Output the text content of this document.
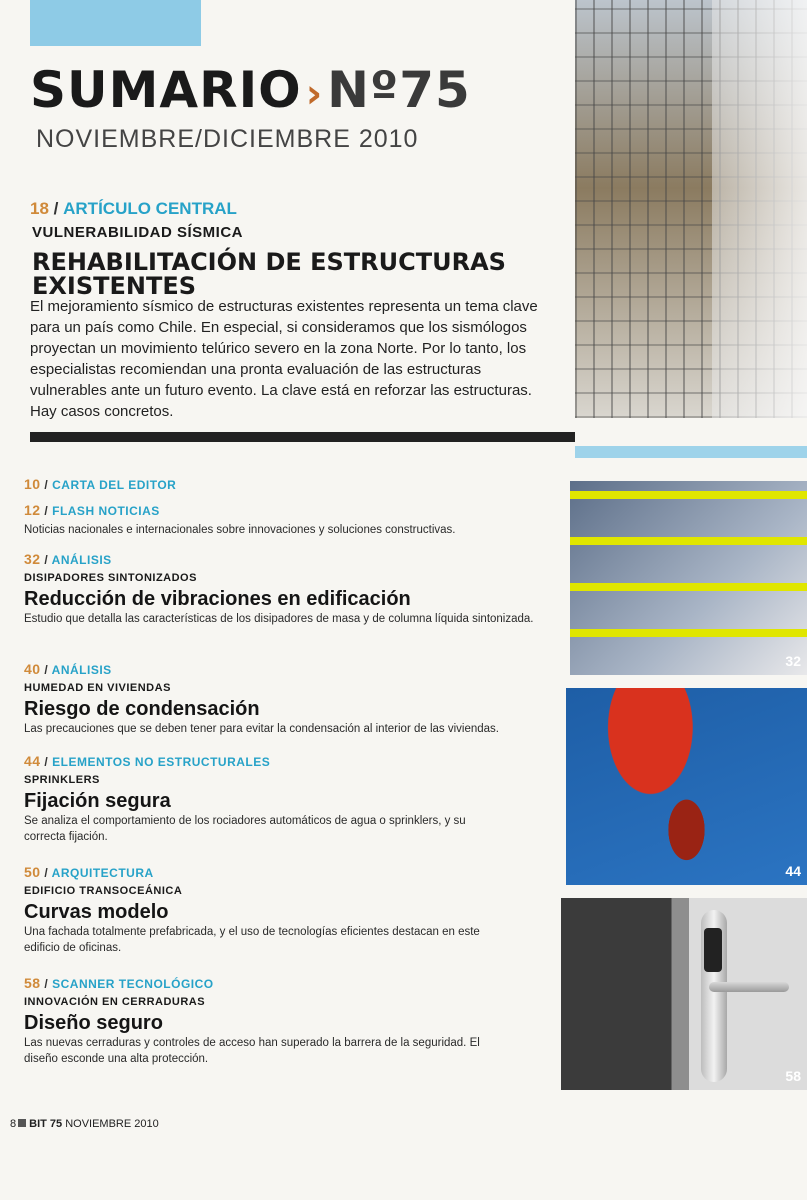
SUMARIO ›Nº75
NOVIEMBRE/DICIEMBRE 2010
18 / ARTÍCULO CENTRAL
VULNERABILIDAD SÍSMICA
REHABILITACIÓN DE ESTRUCTURAS EXISTENTES
El mejoramiento sísmico de estructuras existentes representa un tema clave para un país como Chile. En especial, si consideramos que los sismólogos proyectan un movimiento telúrico severo en la zona Norte. Por lo tanto, los especialistas recomiendan una pronta evaluación de las estructuras vulnerables ante un futuro evento. La clave está en reforzar las estructuras. Hay casos concretos.
10 / CARTA DEL EDITOR
12 / FLASH NOTICIAS
Noticias nacionales e internacionales sobre innovaciones y soluciones constructivas.
32 / ANÁLISIS
DISIPADORES SINTONIZADOS
Reducción de vibraciones en edificación
Estudio que detalla las características de los disipadores de masa y de columna líquida sintonizada.
40 / ANÁLISIS
HUMEDAD EN VIVIENDAS
Riesgo de condensación
Las precauciones que se deben tener para evitar la condensación al interior de las viviendas.
44 / ELEMENTOS NO ESTRUCTURALES
SPRINKLERS
Fijación segura
Se analiza el comportamiento de los rociadores automáticos de agua o sprinklers, y su correcta fijación.
50 / ARQUITECTURA
EDIFICIO TRANSOCEÁNICA
Curvas modelo
Una fachada totalmente prefabricada, y el uso de tecnologías eficientes destacan en este edificio de oficinas.
58 / SCANNER TECNOLÓGICO
INNOVACIÓN EN CERRADURAS
Diseño seguro
Las nuevas cerraduras y controles de acceso han superado la barrera de la seguridad. El diseño esconde una alta protección.
32
44
58
8 BIT 75 NOVIEMBRE 2010
